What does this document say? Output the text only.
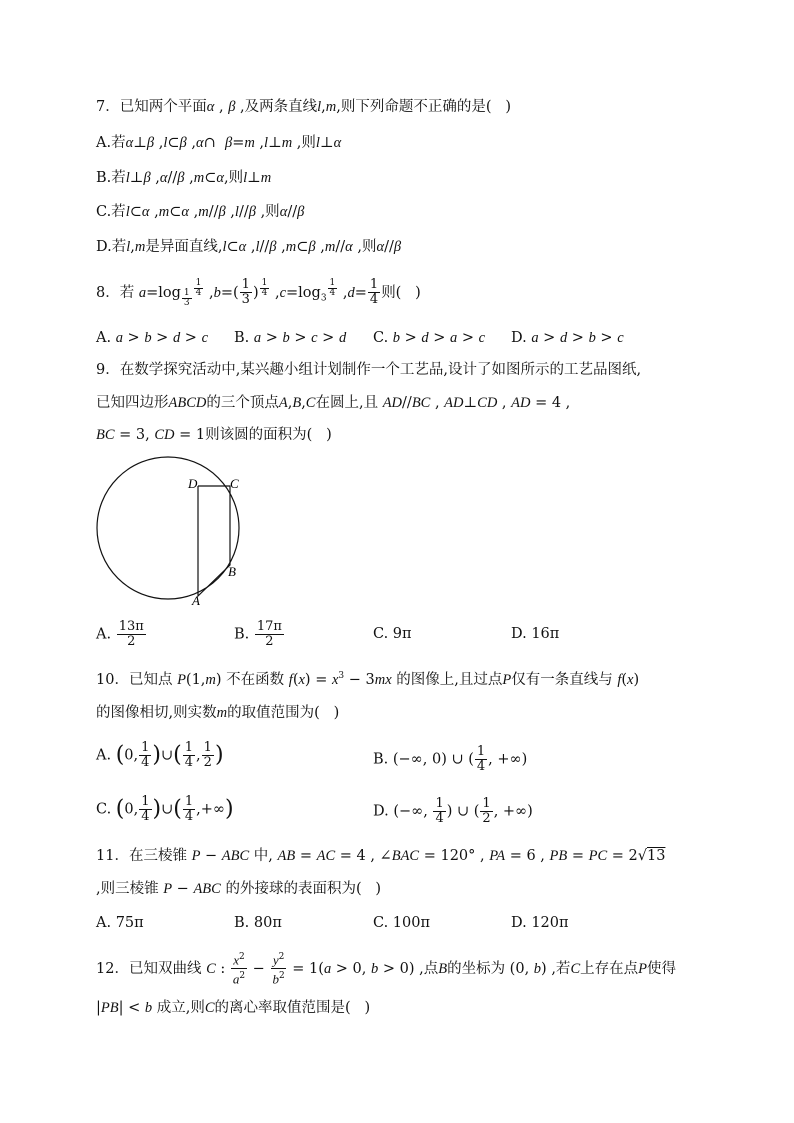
7．已知两个平面α , β ,及两条直线l,m,则下列命题不正确的是(   )
A.若α⊥β ,l⊂β ,α∩  β=m ,l⊥m ,则l⊥α
B.若l⊥β ,α//β ,m⊂α,则l⊥m
C.若l⊂α ,m⊂α ,m//β ,l//β ,则α//β
D.若l,m是异面直线,l⊂α ,l//β ,m⊂β ,m//α ,则α//β
8．若 a=log $_{\frac{1}{3}}$
$^{\frac{1}{4}}$ $,b=( \frac{1}{3}$ ) $^{\frac{1}{4}}$ $,c=\log_3$
$^{\frac{1}{4}}$ $,d= \frac{1}{4}$ 则(   )
A. a > b > d > c B. a > b > c > d C. b > d > a > c D. a > d > b > c
9．在数学探究活动中,某兴趣小组计划制作一个工艺品,设计了如图所示的工艺品图纸,
已知四边形ABCD的三个顶点A,B,C在圆上,且 AD//BC , AD⊥CD , AD = 4 ,
BC = 3, CD = 1则该圆的面积为(   )
D	C
B
A
A. $\frac{13\pi}{2}$	B. $\frac{17\pi}{2}$	C. 9π	D. 16π
10．已知点 P(1,m) 不在函数 $f(x) = x^3 - 3mx$ 的图像上,且过点P仅有一条直线与 f(x)
的图像相切,则实数m的取值范围为(   )
A. (0, $\frac{1}{4}$ )∪( $\frac{1}{4}$ , $\frac{1}{2}$ )	B. (−∞, 0) ∪ ( $\frac{1}{4}$ , +∞)
C. (0, $\frac{1}{4}$ )∪( $\frac{1}{4}$ ,+∞)	D. (−∞, $\frac{1}{4}$ ) ∪ ( $\frac{1}{2}$ , +∞)
11．在三棱锥 P − ABC 中, AB = AC = 4 , ∠BAC = 120° , PA = 6 , PB = PC = 2√13
,则三棱锥 P − ABC 的外接球的表面积为(   )
A. 75π	B. 80π	C. 100π	D. 120π
12．已知双曲线 C : $\frac{x^2}{a^2} - \frac{y^2}{b^2} = 1(a > 0$, b > 0) ,点B的坐标为 (0, b) ,若C上存在点P使得
|PB| < b 成立,则C的离心率取值范围是(   )
